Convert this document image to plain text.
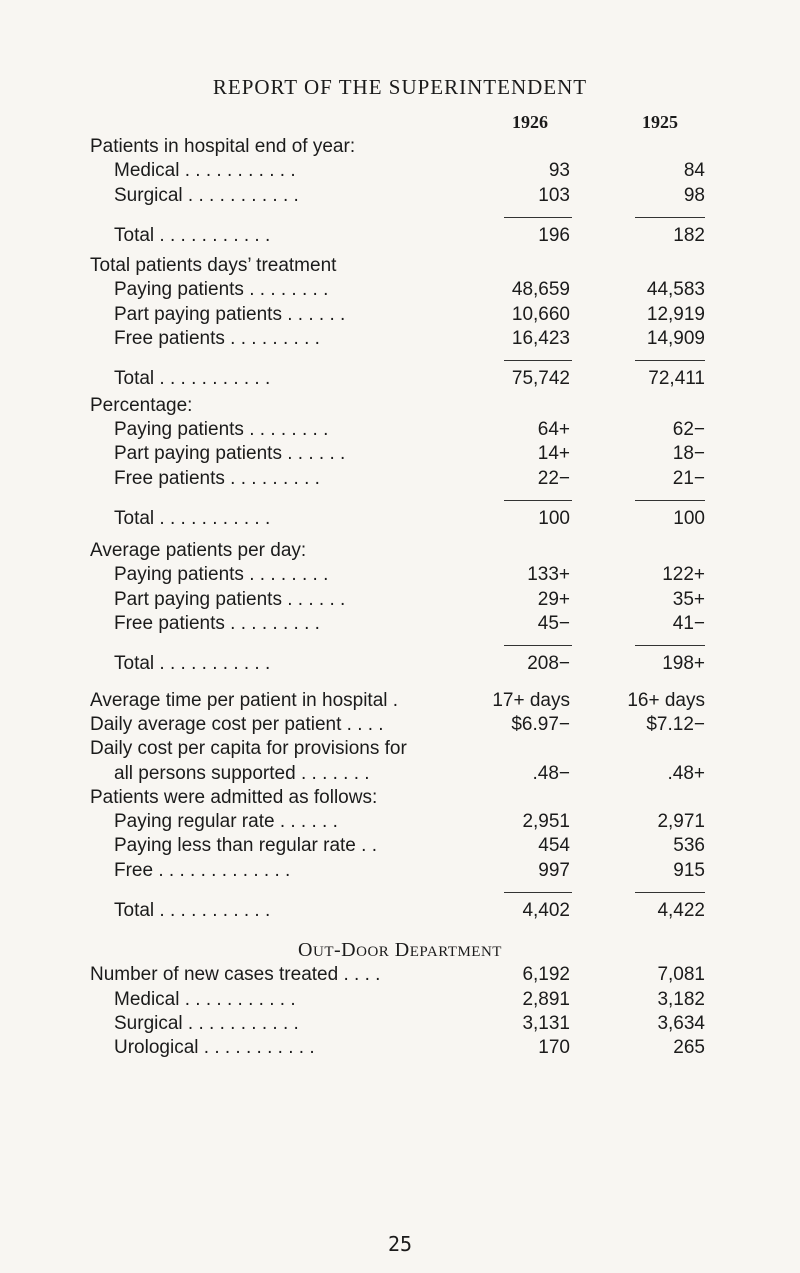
REPORT OF THE SUPERINTENDENT
1926	1925
Patients in hospital end of year:
Medical . . . . . . . . . . .	93	84
Surgical . . . . . . . . . . .	103	98
Total . . . . . . . . . . .	196	182
Total patients days’ treatment
Paying patients . . . . . . . .	48,659	44,583
Part paying patients . . . . . .	10,660	12,919
Free patients . . . . . . . . .	16,423	14,909
Total . . . . . . . . . . .	75,742	72,411
Percentage:
Paying patients . . . . . . . .	64+	62−
Part paying patients . . . . . .	14+	18−
Free patients . . . . . . . . .	22−	21−
Total . . . . . . . . . . .	100	100
Average patients per day:
Paying patients . . . . . . . .	133+	122+
Part paying patients . . . . . .	29+	35+
Free patients . . . . . . . . .	45−	41−
Total . . . . . . . . . . .	208−	198+
Average time per patient in hospital .	17+ days	16+ days
Daily average cost per patient . . . .	$6.97−	$7.12−
Daily cost per capita for provisions for
all persons supported . . . . . . .	.48−	.48+
Patients were admitted as follows:
Paying regular rate . . . . . .	2,951	2,971
Paying less than regular rate . .	454	536
Free . . . . . . . . . . . . .	997	915
Total . . . . . . . . . . .	4,402	4,422
OUT-DOOR DEPARTMENT
Number of new cases treated . . . .	6,192	7,081
Medical . . . . . . . . . . .	2,891	3,182
Surgical . . . . . . . . . . .	3,131	3,634
Urological . . . . . . . . . . .	170	265
25
